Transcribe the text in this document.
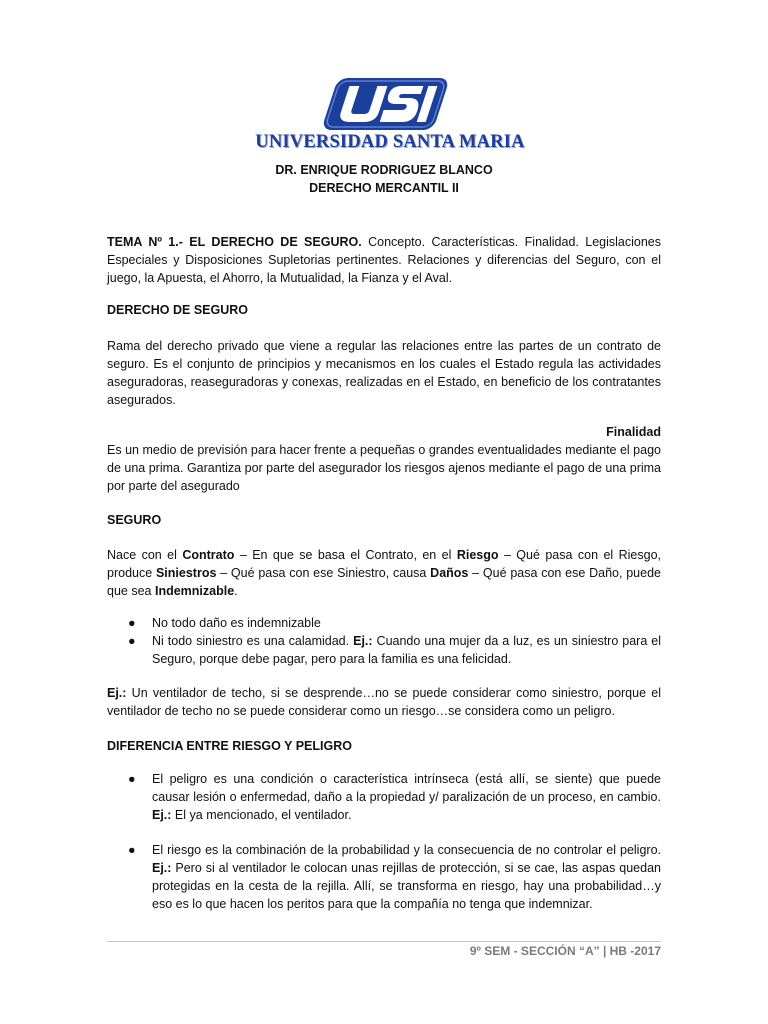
UNIVERSIDAD SANTA MARIA
DR. ENRIQUE RODRIGUEZ BLANCO
DERECHO MERCANTIL II
TEMA Nº 1.- EL DERECHO DE SEGURO. Concepto. Características. Finalidad. Legislaciones Especiales y Disposiciones Supletorias pertinentes. Relaciones y diferencias del Seguro, con el juego, la Apuesta, el Ahorro, la Mutualidad, la Fianza y el Aval.
DERECHO DE SEGURO
Rama del derecho privado que viene a regular las relaciones entre las partes de un contrato de seguro. Es el conjunto de principios y mecanismos en los cuales el Estado regula las actividades aseguradoras, reaseguradoras y conexas, realizadas en el Estado, en beneficio de los contratantes asegurados.
Finalidad
Es un medio de previsión para hacer frente a pequeñas o grandes eventualidades mediante el pago de una prima. Garantiza por parte del asegurador los riesgos ajenos mediante el pago de una prima por parte del asegurado
SEGURO
Nace con el Contrato – En que se basa el Contrato, en el Riesgo – Qué pasa con el Riesgo, produce Siniestros – Qué pasa con ese Siniestro, causa Daños – Qué pasa con ese Daño, puede que sea Indemnizable.
● No todo daño es indemnizable
● Ni todo siniestro es una calamidad. Ej.: Cuando una mujer da a luz, es un siniestro para el Seguro, porque debe pagar, pero para la familia es una felicidad.
Ej.: Un ventilador de techo, si se desprende…no se puede considerar como siniestro, porque el ventilador de techo no se puede considerar como un riesgo…se considera como un peligro.
DIFERENCIA ENTRE RIESGO Y PELIGRO
● El peligro es una condición o característica intrínseca (está allí, se siente) que puede causar lesión o enfermedad, daño a la propiedad y/ paralización de un proceso, en cambio. Ej.: El ya mencionado, el ventilador.
● El riesgo es la combinación de la probabilidad y la consecuencia de no controlar el peligro. Ej.: Pero si al ventilador le colocan unas rejillas de protección, si se cae, las aspas quedan protegidas en la cesta de la rejilla. Allí, se transforma en riesgo, hay una probabilidad…y eso es lo que hacen los peritos para que la compañía no tenga que indemnizar.
9º SEM - SECCIÓN “A” | HB -2017
